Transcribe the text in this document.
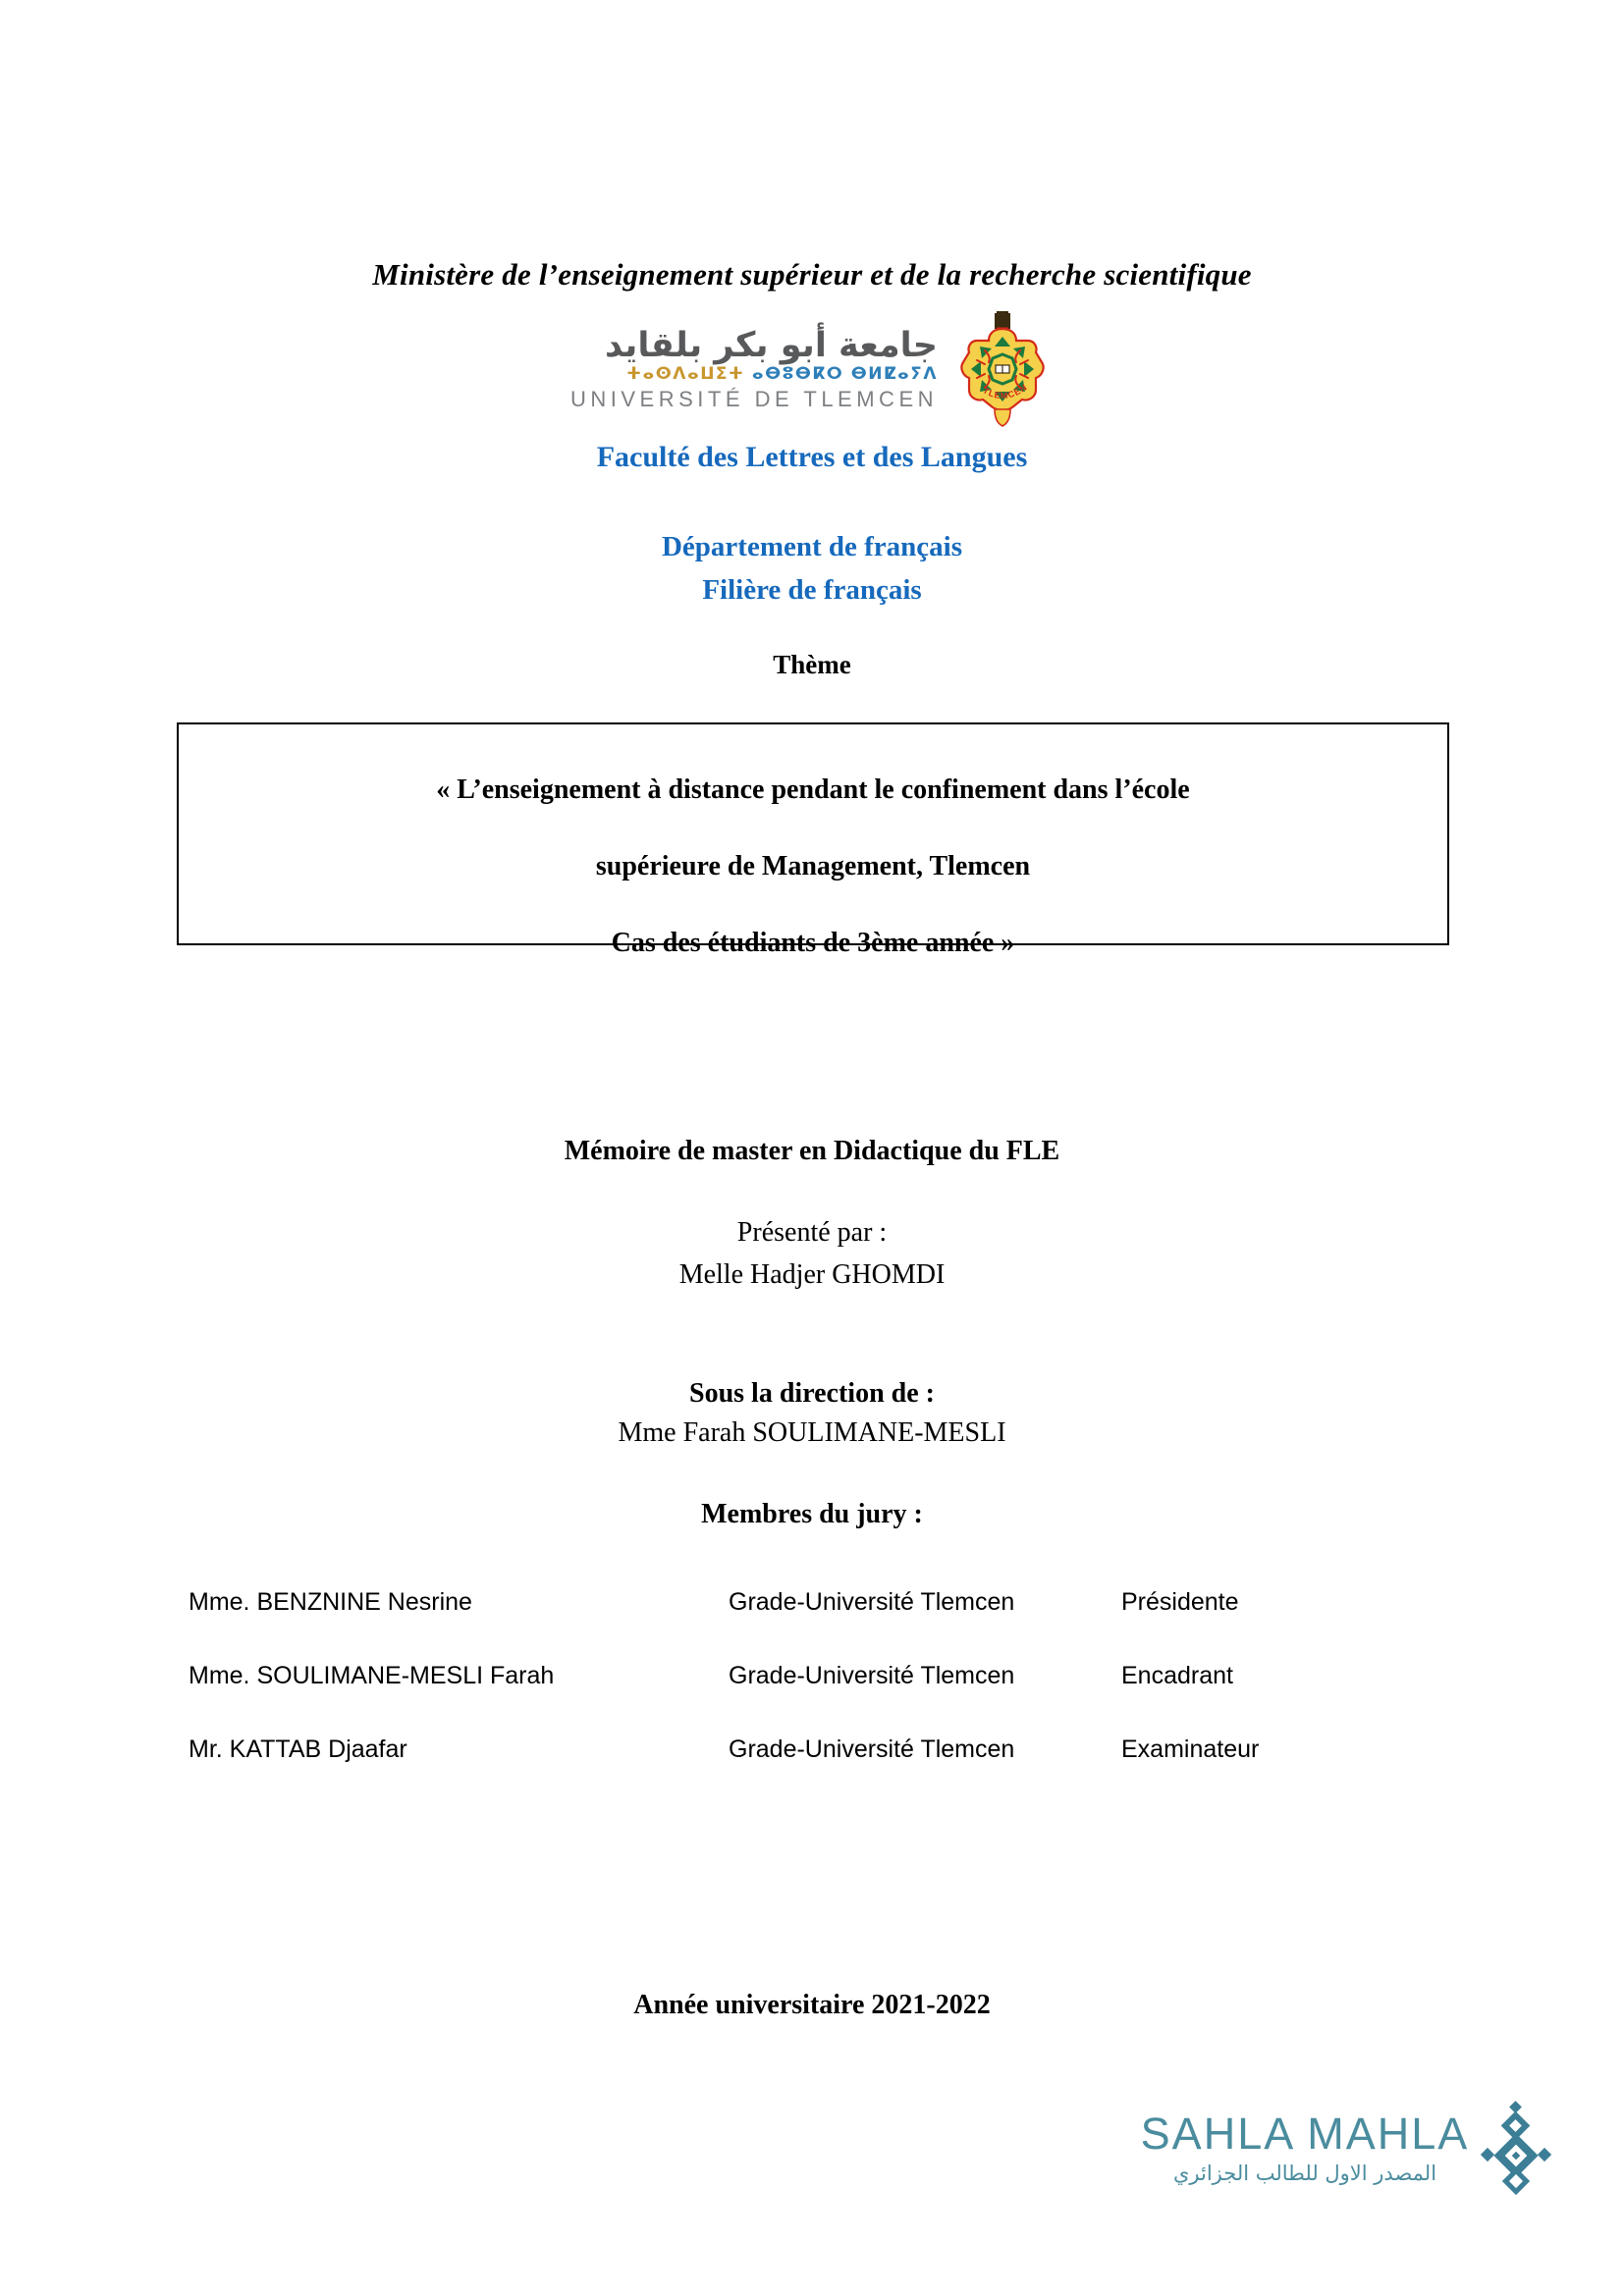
Ministère de l’enseignement supérieur et de la recherche scientifique
جامعة أبو بكر بلقايد
ⵜⴰⵙⴷⴰⵡⵉⵜ ⴰⴱⵓⴱⴽⵔ ⴱⵍⵇⴰⵢⴷ
UNIVERSITÉ DE TLEMCEN	TLEMCEN
Faculté des Lettres et des Langues
Département de français
Filière de français
Thème
« L’enseignement à distance pendant le confinement dans l’école
supérieure de Management, Tlemcen
Cas des étudiants de 3ème année »
Mémoire de master en Didactique du FLE
Présenté par :
Melle Hadjer GHOMDI
Sous la direction de :
Mme Farah SOULIMANE-MESLI
Membres du jury :
Mme. BENZNINE Nesrine	Grade-Université Tlemcen	Présidente
Mme. SOULIMANE-MESLI Farah	Grade-Université Tlemcen	Encadrant
Mr. KATTAB Djaafar	Grade-Université Tlemcen	Examinateur
Année universitaire 2021-2022
SAHLA MAHLA
المصدر الاول للطالب الجزائري
